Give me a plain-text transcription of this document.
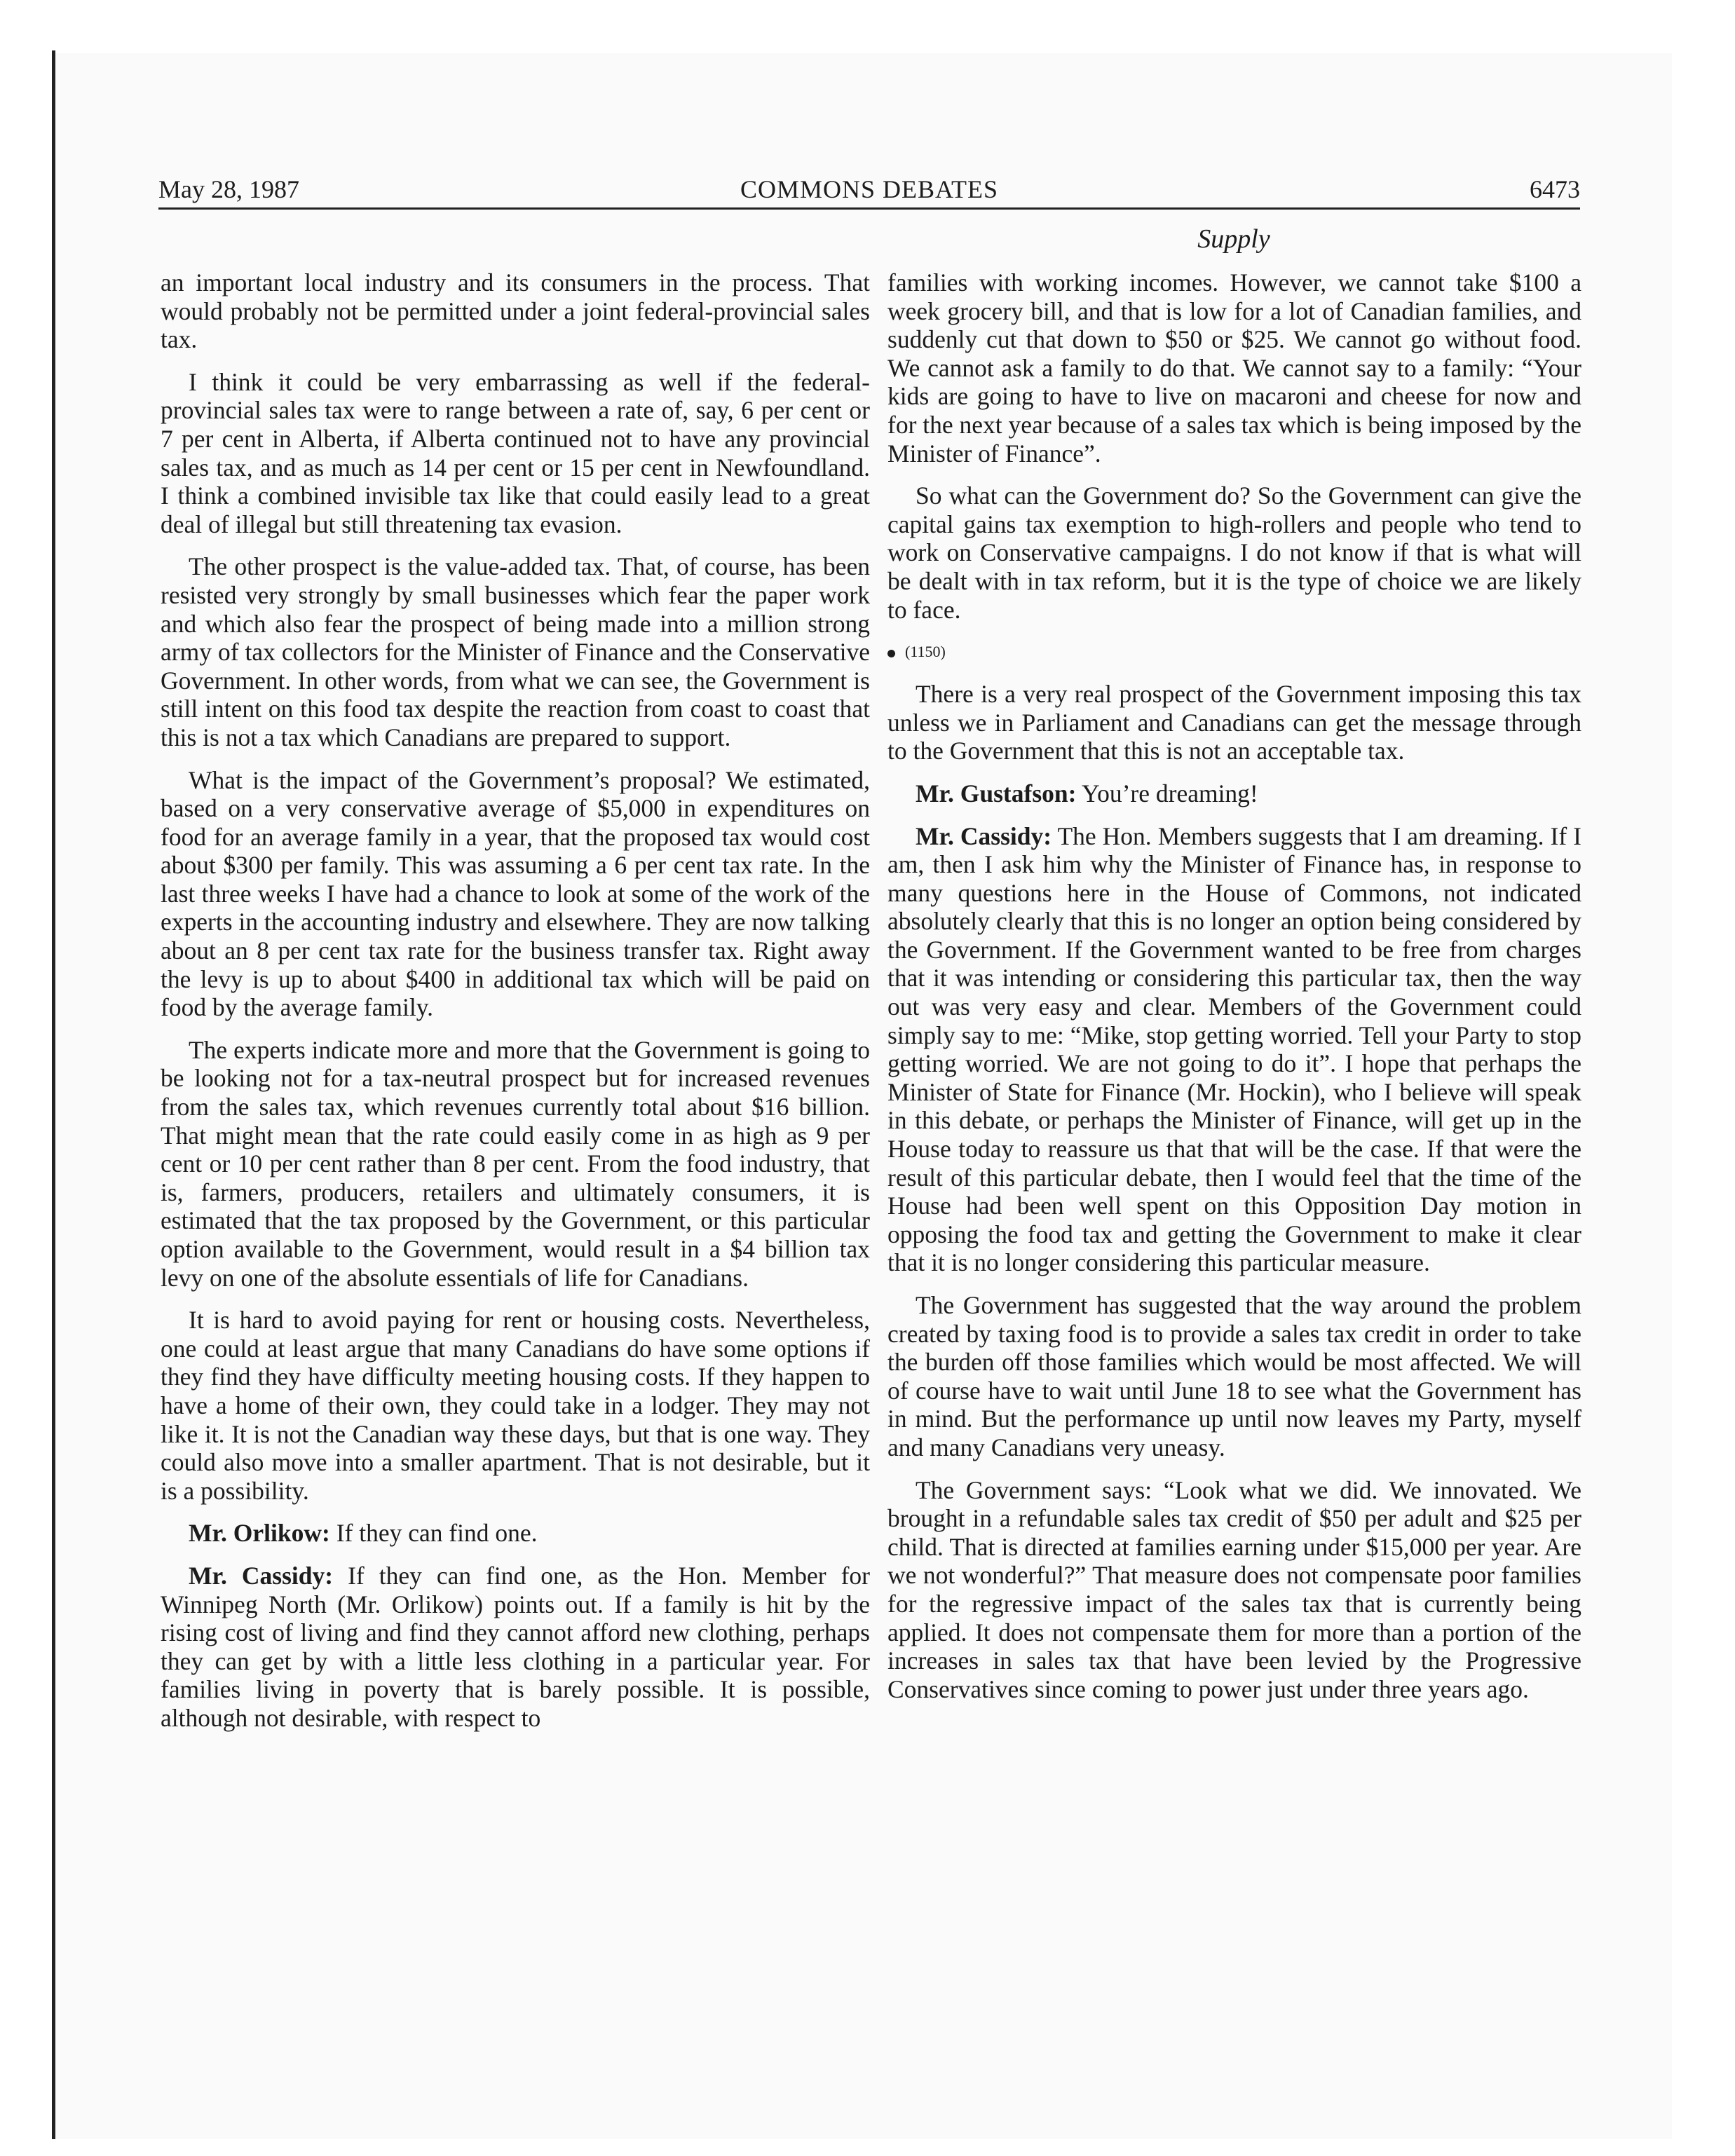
May 28, 1987	COMMONS DEBATES	6473
Supply

an important local industry and its consumers in the process. That would probably not be permitted under a joint federal-provincial sales tax.

I think it could be very embarrassing as well if the federal-provincial sales tax were to range between a rate of, say, 6 per cent or 7 per cent in Alberta, if Alberta continued not to have any provincial sales tax, and as much as 14 per cent or 15 per cent in Newfoundland. I think a combined invisible tax like that could easily lead to a great deal of illegal but still threatening tax evasion.

The other prospect is the value-added tax. That, of course, has been resisted very strongly by small businesses which fear the paper work and which also fear the prospect of being made into a million strong army of tax collectors for the Minister of Finance and the Conservative Government. In other words, from what we can see, the Government is still intent on this food tax despite the reaction from coast to coast that this is not a tax which Canadians are prepared to support.

What is the impact of the Government’s proposal? We estimated, based on a very conservative average of $5,000 in expenditures on food for an average family in a year, that the proposed tax would cost about $300 per family. This was assuming a 6 per cent tax rate. In the last three weeks I have had a chance to look at some of the work of the experts in the accounting industry and elsewhere. They are now talking about an 8 per cent tax rate for the business transfer tax. Right away the levy is up to about $400 in additional tax which will be paid on food by the average family.

The experts indicate more and more that the Government is going to be looking not for a tax-neutral prospect but for increased revenues from the sales tax, which revenues currently total about $16 billion. That might mean that the rate could easily come in as high as 9 per cent or 10 per cent rather than 8 per cent. From the food industry, that is, farmers, producers, retailers and ultimately consumers, it is estimated that the tax proposed by the Government, or this particular option available to the Government, would result in a $4 billion tax levy on one of the absolute essentials of life for Canadians.

It is hard to avoid paying for rent or housing costs. Nevertheless, one could at least argue that many Canadians do have some options if they find they have difficulty meeting housing costs. If they happen to have a home of their own, they could take in a lodger. They may not like it. It is not the Canadian way these days, but that is one way. They could also move into a smaller apartment. That is not desirable, but it is a possibility.

Mr. Orlikow: If they can find one.

Mr. Cassidy: If they can find one, as the Hon. Member for Winnipeg North (Mr. Orlikow) points out. If a family is hit by the rising cost of living and find they cannot afford new clothing, perhaps they can get by with a little less clothing in a particular year. For families living in poverty that is barely possible. It is possible, although not desirable, with respect to

families with working incomes. However, we cannot take $100 a week grocery bill, and that is low for a lot of Canadian families, and suddenly cut that down to $50 or $25. We cannot go without food. We cannot ask a family to do that. We cannot say to a family: “Your kids are going to have to live on macaroni and cheese for now and for the next year because of a sales tax which is being imposed by the Minister of Finance”.

So what can the Government do? So the Government can give the capital gains tax exemption to high-rollers and people who tend to work on Conservative campaigns. I do not know if that is what will be dealt with in tax reform, but it is the type of choice we are likely to face.

(1150)

There is a very real prospect of the Government imposing this tax unless we in Parliament and Canadians can get the message through to the Government that this is not an acceptable tax.

Mr. Gustafson: You’re dreaming!

Mr. Cassidy: The Hon. Members suggests that I am dreaming. If I am, then I ask him why the Minister of Finance has, in response to many questions here in the House of Commons, not indicated absolutely clearly that this is no longer an option being considered by the Government. If the Government wanted to be free from charges that it was intending or considering this particular tax, then the way out was very easy and clear. Members of the Government could simply say to me: “Mike, stop getting worried. Tell your Party to stop getting worried. We are not going to do it”. I hope that perhaps the Minister of State for Finance (Mr. Hockin), who I believe will speak in this debate, or perhaps the Minister of Finance, will get up in the House today to reassure us that that will be the case. If that were the result of this particular debate, then I would feel that the time of the House had been well spent on this Opposition Day motion in opposing the food tax and getting the Government to make it clear that it is no longer considering this particular measure.

The Government has suggested that the way around the problem created by taxing food is to provide a sales tax credit in order to take the burden off those families which would be most affected. We will of course have to wait until June 18 to see what the Government has in mind. But the performance up until now leaves my Party, myself and many Canadians very uneasy.

The Government says: “Look what we did. We innovated. We brought in a refundable sales tax credit of $50 per adult and $25 per child. That is directed at families earning under $15,000 per year. Are we not wonderful?” That measure does not compensate poor families for the regressive impact of the sales tax that is currently being applied. It does not compensate them for more than a portion of the increases in sales tax that have been levied by the Progressive Conservatives since coming to power just under three years ago.
